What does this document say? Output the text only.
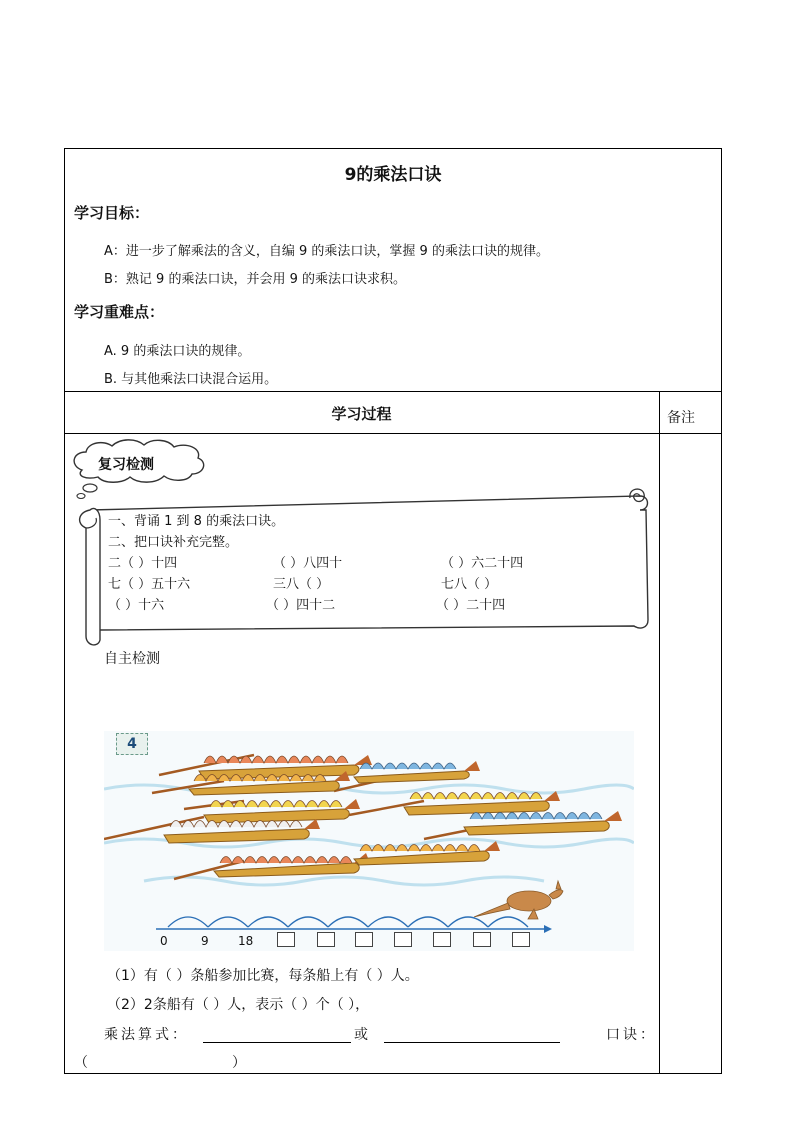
9的乘法口诀
学习目标：
A：进一步了解乘法的含义，自编 9 的乘法口诀，掌握 9 的乘法口诀的规律。
B：熟记 9 的乘法口诀，并会用 9 的乘法口诀求积。
学习重难点：
A. 9 的乘法口诀的规律。
B. 与其他乘法口诀混合运用。
学习过程	备注
复习检测
一、背诵 1 到 8 的乘法口诀。
二、把口诀补充完整。
二（ ）十四	（ ）八四十	（ ）六二十四
七（ ）五十六	三八（ ）	七八（ ）
（ ）十六	（ ）四十二	（ ）二十四
自主检测
4
0	9 18
（1）有（ ）条船参加比赛，每条船上有（ ）人。
（2）2条船有（ ）人，表示（ ）个（ ），
乘法算式：	或	口诀：
（	）
